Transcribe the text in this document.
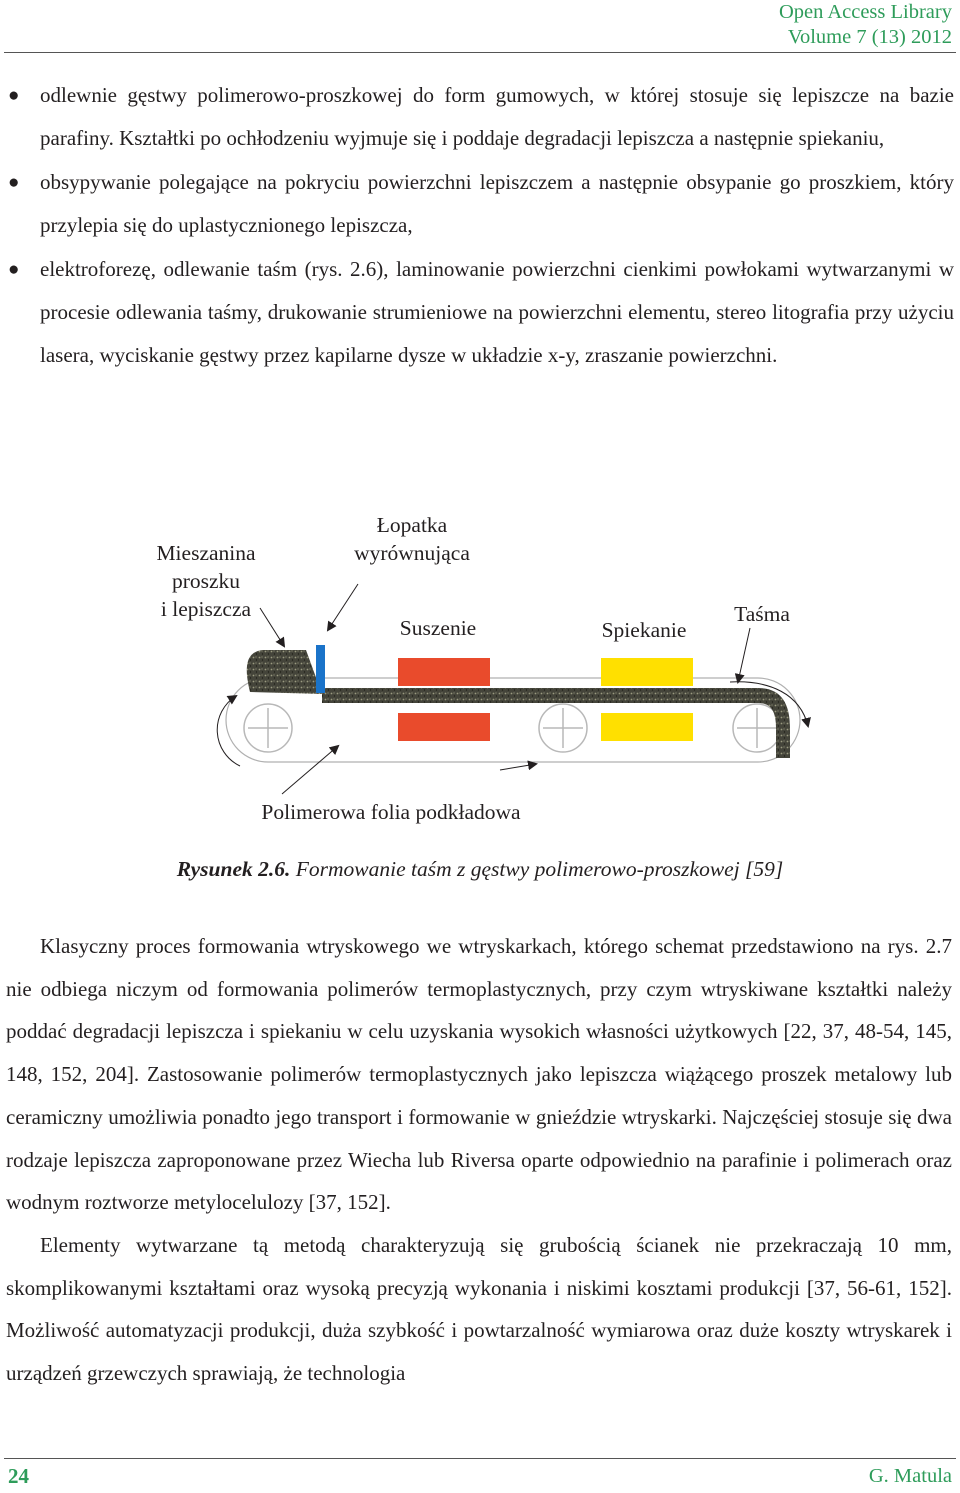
Open Access Library
Volume 7 (13) 2012
● odlewnie gęstwy polimerowo-proszkowej do form gumowych, w której stosuje się lepiszcze na bazie parafiny. Kształtki po ochłodzeniu wyjmuje się i poddaje degradacji lepiszcza a następnie spiekaniu,
● obsypywanie polegające na pokryciu powierzchni lepiszczem a następnie obsypanie go proszkiem, który przylepia się do uplastycznionego lepiszcza,
● elektroforezę, odlewanie taśm (rys. 2.6), laminowanie powierzchni cienkimi powłokami wytwarzanymi w procesie odlewania taśmy, drukowanie strumieniowe na powierzchni elementu, stereo litografia przy użyciu lasera, wyciskanie gęstwy przez kapilarne dysze w układzie x-y, zraszanie powierzchni.
Mieszanina
proszku
i lepiszcza
Łopatka
wyrównująca
Suszenie	Spiekanie
Taśma
Polimerowa folia podkładowa
Rysunek 2.6. Formowanie taśm z gęstwy polimerowo-proszkowej [59]

Klasyczny proces formowania wtryskowego we wtryskarkach, którego schemat przedstawiono na rys. 2.7 nie odbiega niczym od formowania polimerów termoplastycznych, przy czym wtryskiwane kształtki należy poddać degradacji lepiszcza i spiekaniu w celu uzyskania wysokich własności użytkowych [22, 37, 48-54, 145, 148, 152, 204]. Zastosowanie polimerów termoplastycznych jako lepiszcza wiążącego proszek metalowy lub ceramiczny umożliwia ponadto jego transport i formowanie w gnieździe wtryskarki. Najczęściej stosuje się dwa rodzaje lepiszcza zaproponowane przez Wiecha lub Riversa oparte odpowiednio na parafinie i polimerach oraz wodnym roztworze metylocelulozy [37, 152].

Elementy wytwarzane tą metodą charakteryzują się grubością ścianek nie przekraczają 10 mm, skomplikowanymi kształtami oraz wysoką precyzją wykonania i niskimi kosztami produkcji [37, 56-61, 152]. Możliwość automatyzacji produkcji, duża szybkość i powtarzalność wymiarowa oraz duże koszty wtryskarek i urządzeń grzewczych sprawiają, że technologia

24	G. Matula
